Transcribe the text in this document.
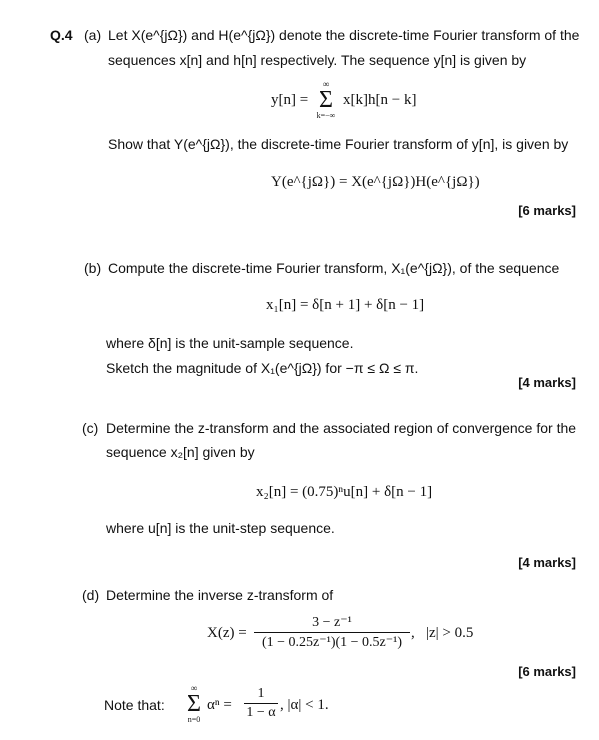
Q.4 (a) Let X(e^{jΩ}) and H(e^{jΩ}) denote the discrete-time Fourier transform of the
sequences x[n] and h[n] respectively. The sequence y[n] is given by
y[n] =
∞
Σ
k=−∞
x[k]h[n − k]
Show that Y(e^{jΩ}), the discrete-time Fourier transform of y[n], is given by
Y(e^{jΩ}) = X(e^{jΩ})H(e^{jΩ})
[6 marks]
(b) Compute the discrete-time Fourier transform, X₁(e^{jΩ}), of the sequence
x₁[n] = δ[n + 1] + δ[n − 1]
where δ[n] is the unit-sample sequence.
Sketch the magnitude of X₁(e^{jΩ}) for −π ≤ Ω ≤ π.
[4 marks]
(c) Determine the z-transform and the associated region of convergence for the
sequence x₂[n] given by
x₂[n] = (0.75)ⁿu[n] + δ[n − 1]
where u[n] is the unit-step sequence.
[4 marks]
(d) Determine the inverse z-transform of
X(z) =
3 − z⁻¹
(1 − 0.25z⁻¹)(1 − 0.5z⁻¹)
, |z| > 0.5
[6 marks]
Note that:
∞
Σ
n=0
αⁿ =
1
1 − α , |α| < 1.
